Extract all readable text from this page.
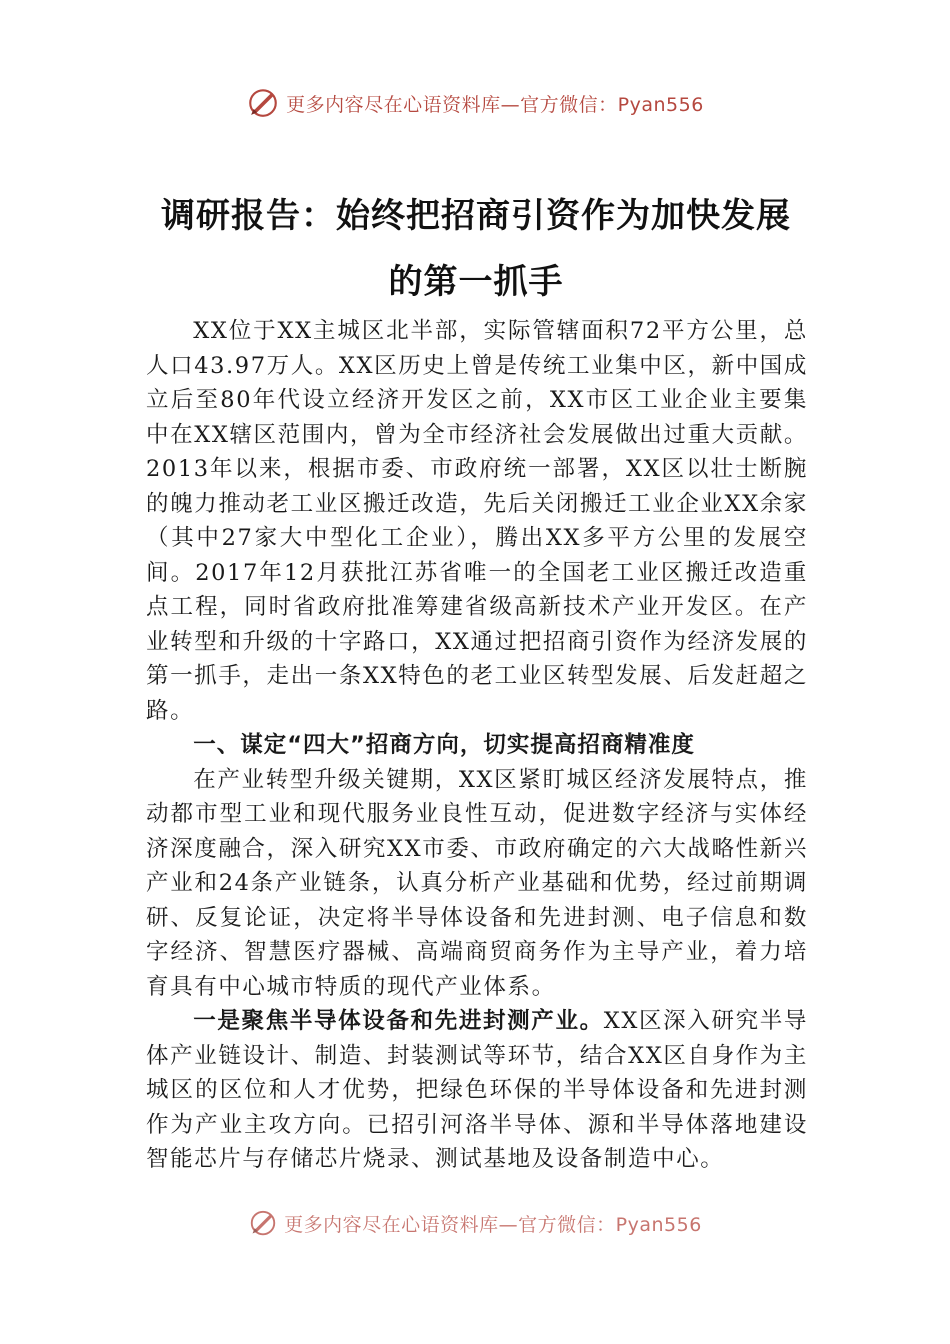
更多内容尽在心语资料库—官方微信：Pyan556
调研报告：始终把招商引资作为加快发展
的第一抓手

XX位于XX主城区北半部，实际管辖面积72平方公里，总人口43.97万人。XX区历史上曾是传统工业集中区，新中国成立后至80年代设立经济开发区之前，XX市区工业企业主要集中在XX辖区范围内，曾为全市经济社会发展做出过重大贡献。2013年以来，根据市委、市政府统一部署，XX区以壮士断腕的魄力推动老工业区搬迁改造，先后关闭搬迁工业企业XX余家（其中27家大中型化工企业），腾出XX多平方公里的发展空间。2017年12月获批江苏省唯一的全国老工业区搬迁改造重点工程，同时省政府批准筹建省级高新技术产业开发区。在产业转型和升级的十字路口，XX通过把招商引资作为经济发展的第一抓手，走出一条XX特色的老工业区转型发展、后发赶超之路。

一、谋定“四大”招商方向，切实提高招商精准度

在产业转型升级关键期，XX区紧盯城区经济发展特点，推动都市型工业和现代服务业良性互动，促进数字经济与实体经济深度融合，深入研究XX市委、市政府确定的六大战略性新兴产业和24条产业链条，认真分析产业基础和优势，经过前期调研、反复论证，决定将半导体设备和先进封测、电子信息和数字经济、智慧医疗器械、高端商贸商务作为主导产业，着力培育具有中心城市特质的现代产业体系。

一是聚焦半导体设备和先进封测产业。XX区深入研究半导体产业链设计、制造、封装测试等环节，结合XX区自身作为主城区的区位和人才优势，把绿色环保的半导体设备和先进封测作为产业主攻方向。已招引河洛半导体、源和半导体落地建设智能芯片与存储芯片烧录、测试基地及设备制造中心。

更多内容尽在心语资料库—官方微信：Pyan556
